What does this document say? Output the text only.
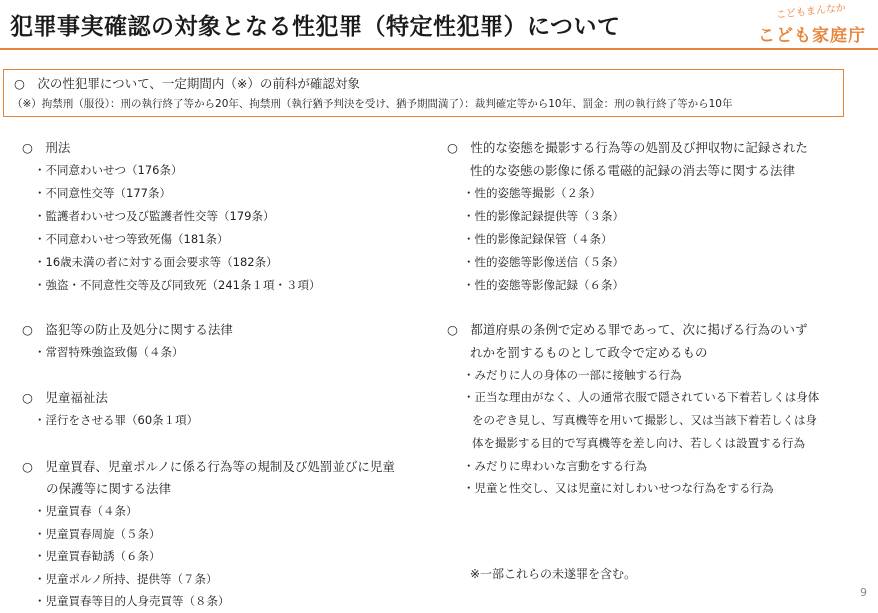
犯罪事実確認の対象となる性犯罪（特定性犯罪）について
こどもまんなか
こども家庭庁
○　次の性犯罪について、一定期間内（※）の前科が確認対象
（※）拘禁刑（服役）：刑の執行終了等から20年、拘禁刑（執行猶予判決を受け、猶予期間満了）：裁判確定等から10年、罰金：刑の執行終了等から10年
○　刑法
・不同意わいせつ（176条）
・不同意性交等（177条）
・監護者わいせつ及び監護者性交等（179条）
・不同意わいせつ等致死傷（181条）
・16歳未満の者に対する面会要求等（182条）
・強盗・不同意性交等及び同致死（241条１項・３項）
○　盗犯等の防止及処分に関する法律
・常習特殊強盗致傷（４条）
○　児童福祉法
・淫行をさせる罪（60条１項）
○　児童買春、児童ポルノに係る行為等の規制及び処罰並びに児童
の保護等に関する法律
・児童買春（４条）
・児童買春周旋（５条）
・児童買春勧誘（６条）
・児童ポルノ所持、提供等（７条）
・児童買春等目的人身売買等（８条）
○　性的な姿態を撮影する行為等の処罰及び押収物に記録された
性的な姿態の影像に係る電磁的記録の消去等に関する法律
・性的姿態等撮影（２条）
・性的影像記録提供等（３条）
・性的影像記録保管（４条）
・性的姿態等影像送信（５条）
・性的姿態等影像記録（６条）
○　都道府県の条例で定める罪であって、次に掲げる行為のいず
れかを罰するものとして政令で定めるもの
・みだりに人の身体の一部に接触する行為
・正当な理由がなく、人の通常衣服で隠されている下着若しくは身体
をのぞき見し、写真機等を用いて撮影し、又は当該下着若しくは身
体を撮影する目的で写真機等を差し向け、若しくは設置する行為
・みだりに卑わいな言動をする行為
・児童と性交し、又は児童に対しわいせつな行為をする行為
※一部これらの未遂罪を含む。
9
